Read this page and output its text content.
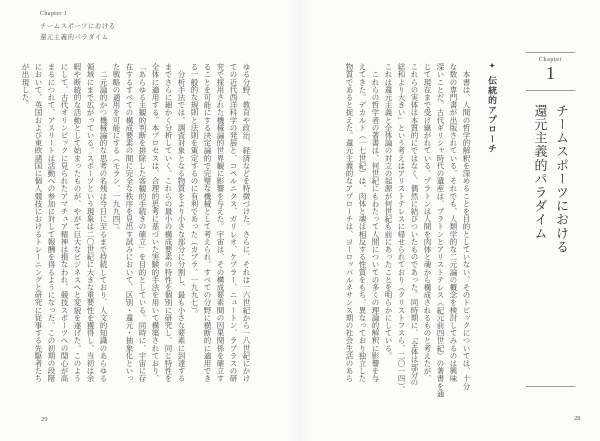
Chapter
1
チームスポーツにおける
還元主義的パラダイム
✦ 伝統的アプローチ
　本書は、人間の哲学的解釈を深めることを目的としていない。そのトピックについては、十分
な数の専門書が出版されている。それでも、人類学的な二元論の概念を検討してみるのは興味
深いことだ。古代ギリシャ時代の遺産は、プラトンとアリストテレス（紀元前四世紀）の著書を通
じて現在まで受け継がれている。プラトンは人間を肉体と魂から構成されるものと考えたが、
これらの実体は本質的にではなく、偶然に結びついたものであった。同時期に、「全体は部分の
総和より大きい」という考えはアリストテレスに帰せられており（クリストフスら、二〇一四）、
これは還元主義と全体論の対立の起源が何世紀も前にあったことを明らかにしている。
　これらの哲学者の著書は、何世紀にもわたって人間についての多くの理論的解釈に影響を与
えてきた。デカルト（一七世紀）は、肉体と魂は相反する性質をもち、異なっており独立した
物質であると捉えた。還元主義的なアプローチは、ヨーロッパルネサンス期の社会生活のあら
28
Chapter 1
チームスポーツにおける
還元主義的パラダイム
ゆる分野、教育や政治、経済などを特徴づけた。さらに、それは一六世紀から一八世紀にかけ
ての近代西洋科学の発展と、コペルニクス、ガリレオ、ケプラー、ニュートン、ラプラスの研
究で採用された機械論的世界観に影響を与えた。宇宙は、その構成要素間の因果関係を確立す
ることを可能にする決定論的で完璧な機械として考えられ、すべての分野に横断的に適用でき
る一般的な規則と法則を策定するのに有利であった（カプラ、一九九七）。
　分析手法では、調査対象となる物質をより小さな部分に分割し、最も小さな要素に到達する
までさらに細かく分析していく。これらの最小の構成要素の特性を個別に研究し、同じ特性を
全体に適用する。本プロセスは、合理的思考に基づいた実験的手法を用いて構築されており、
「あらゆる主観的判断を排除した客観的手続きの確立」を目的としている。同時に、宇宙に存
在するすべての構成要素の間に完全な秩序を見出す試みにおいて、区別・還元・抽象化といっ
た戦略の適用を可能にする（モラン、一九九四）。
　二元論的かつ機械論的な思考の名残は今日に至るまで持続しており、人文的知識のあらゆる
領域にまで広がっている。スポーツという現象は二〇世紀に大きな重要性を獲得し、当初は余
暇や断続的な活動として始まったものが、やがて巨大なビジネスへと変貌を遂げた。このよう
にして、古代オリンピックに見られたアマチュア精神は損なわれ、競技スポーツへの関心が高
まるにつれて、アスリートは活動への参加に対して報酬を得るようになった。この初期の段階
において、英国および東欧諸国に個人競技におけるトレーニングと研究に従事する先駆者たち
が出現した。
29
